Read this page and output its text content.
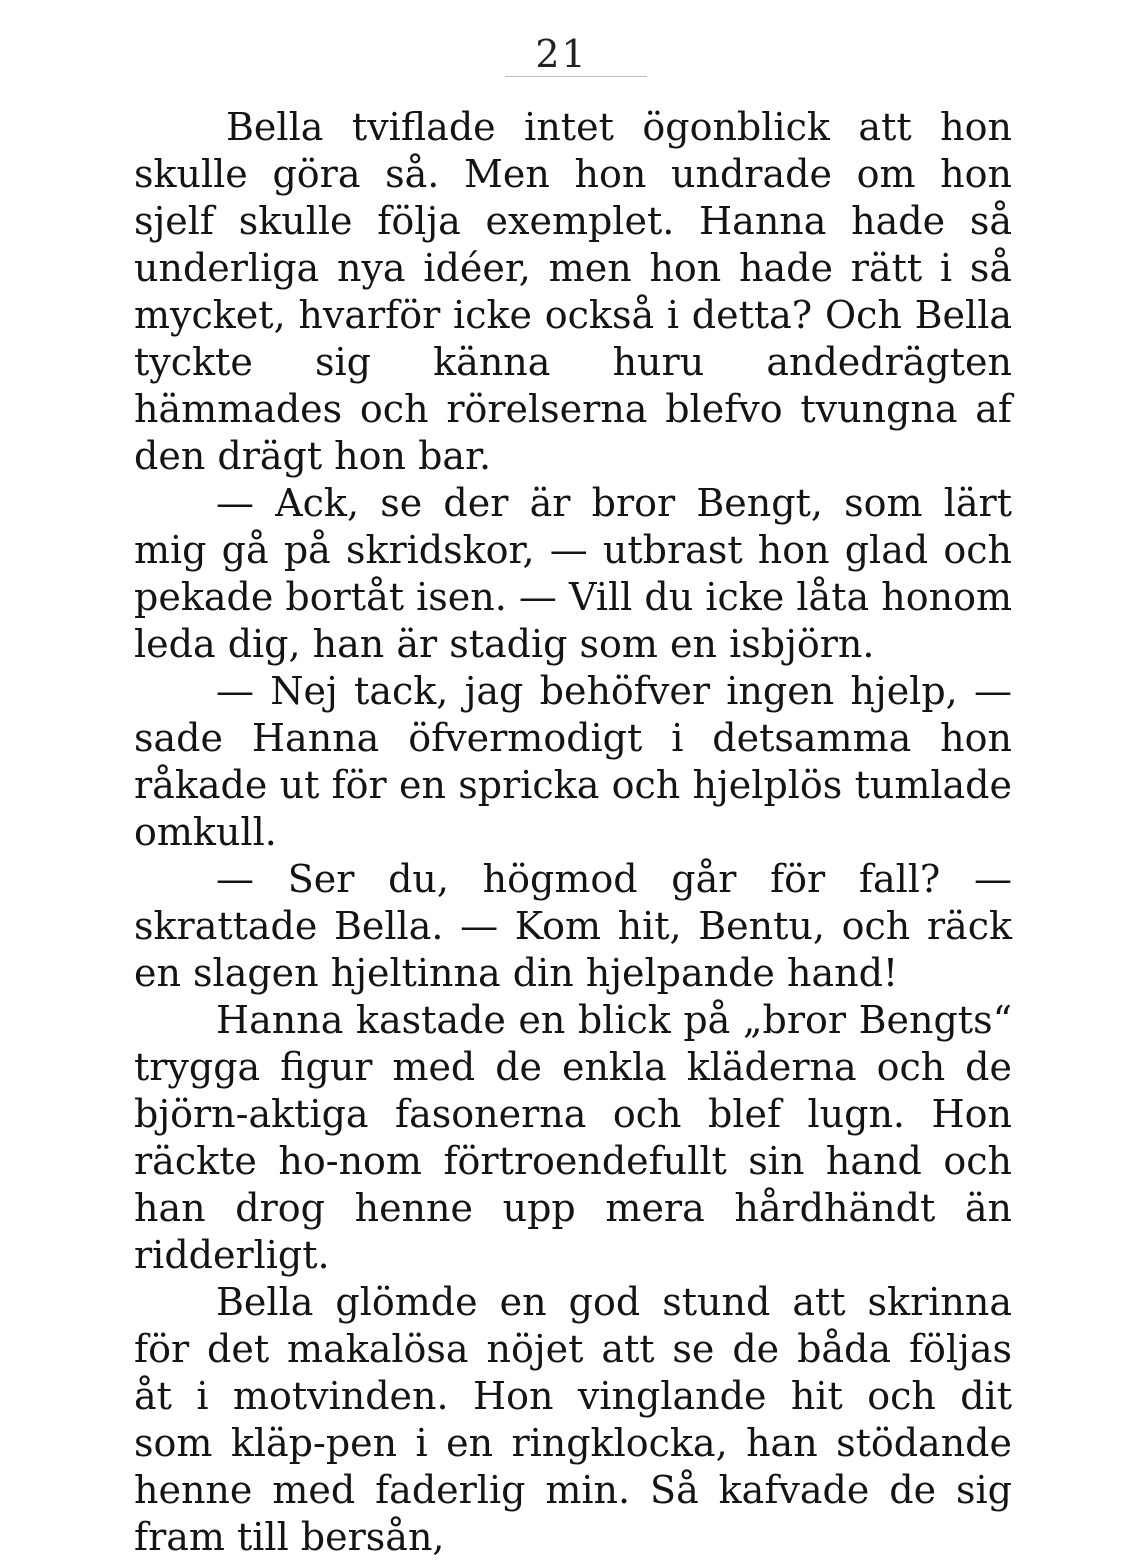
21

Bella tviflade intet ögonblick att hon skulle göra så. Men hon undrade om hon sjelf skulle följa exemplet. Hanna hade så underliga nya idéer, men hon hade rätt i så mycket, hvarför icke också i detta? Och Bella tyckte sig känna huru andedrägten hämmades och rörelserna blefvo tvungna af den drägt hon bar.

— Ack, se der är bror Bengt, som lärt mig gå på skridskor, — utbrast hon glad och pekade bortåt isen. — Vill du icke låta honom leda dig, han är stadig som en isbjörn.

— Nej tack, jag behöfver ingen hjelp, — sade Hanna öfvermodigt i detsamma hon råkade ut för en spricka och hjelplös tumlade omkull.

— Ser du, högmod går för fall? — skrattade Bella. — Kom hit, Bentu, och räck en slagen hjeltinna din hjelpande hand!

Hanna kastade en blick på „bror Bengts“ trygga figur med de enkla kläderna och de björn-aktiga fasonerna och blef lugn. Hon räckte ho-nom förtroendefullt sin hand och han drog henne upp mera hårdhändt än ridderligt.

Bella glömde en god stund att skrinna för det makalösa nöjet att se de båda följas åt i motvinden. Hon vinglande hit och dit som kläp-pen i en ringklocka, han stödande henne med faderlig min. Så kafvade de sig fram till bersån,
